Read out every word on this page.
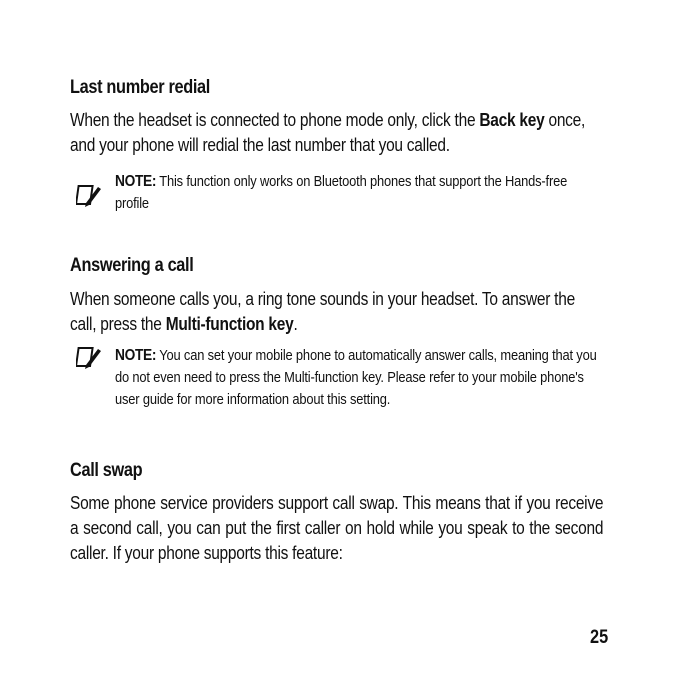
Last number redial

When the headset is connected to phone mode only, click the Back key once, and your phone will redial the last number that you called.

NOTE: This function only works on Bluetooth phones that support the Hands-free profile

Answering a call

When someone calls you, a ring tone sounds in your headset. To answer the call, press the Multi-function key.

NOTE: You can set your mobile phone to automatically answer calls, meaning that you do not even need to press the Multi-function key. Please refer to your mobile phone's user guide for more information about this setting.

Call swap

Some phone service providers support call swap. This means that if you receive a second call, you can put the first caller on hold while you speak to the second caller. If your phone supports this feature:

25
